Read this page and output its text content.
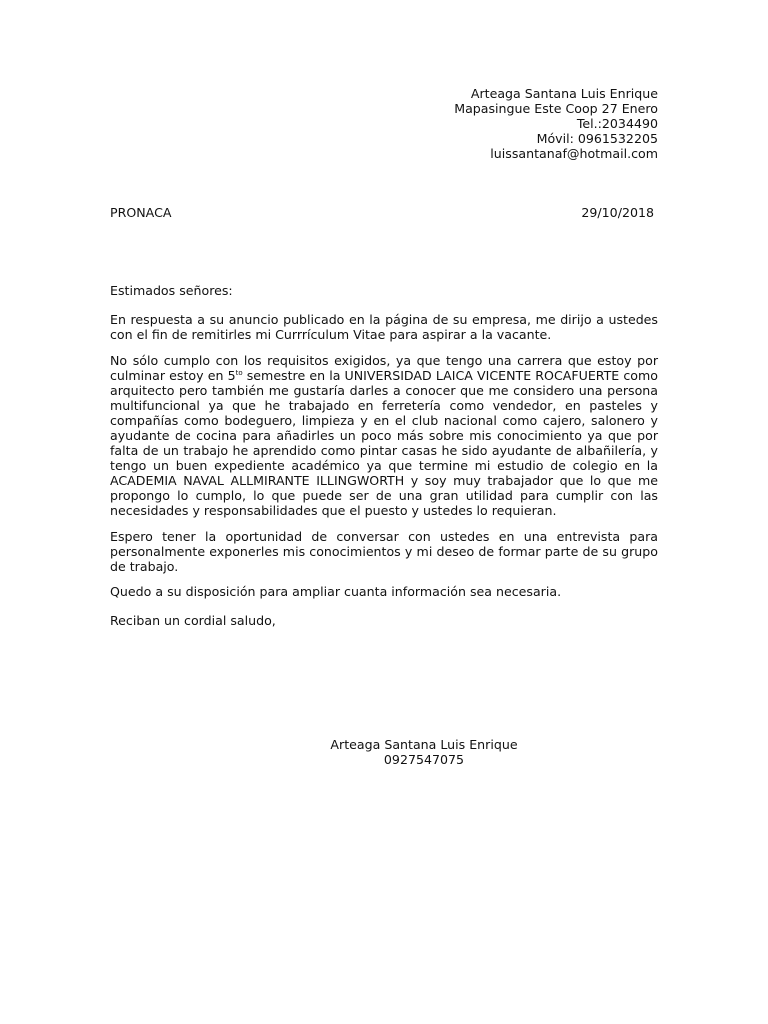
Arteaga Santana Luis Enrique
Mapasingue Este Coop 27 Enero
Tel.:2034490
Móvil: 0961532205
luissantanaf@hotmail.com
PRONACA	29/10/2018

Estimados señores:

En respuesta a su anuncio publicado en la página de su empresa, me dirijo a ustedes con el fin de remitirles mi Currrículum Vitae para aspirar a la vacante.

No sólo cumplo con los requisitos exigidos, ya que tengo una carrera que estoy por culminar estoy en $5^{to}$ semestre en la UNIVERSIDAD LAICA VICENTE ROCAFUERTE como arquitecto pero también me gustaría darles a conocer que me considero una persona multifuncional ya que he trabajado en ferretería como vendedor, en pasteles y compañías como bodeguero, limpieza y en el club nacional como cajero, salonero y ayudante de cocina para añadirles un poco más sobre mis conocimiento ya que por falta de un trabajo he aprendido como pintar casas he sido ayudante de albañilería, y tengo un buen expediente académico ya que termine mi estudio de colegio en la ACADEMIA NAVAL ALLMIRANTE ILLINGWORTH y soy muy trabajador que lo que me propongo lo cumplo, lo que puede ser de una gran utilidad para cumplir con las necesidades y responsabilidades que el puesto y ustedes lo requieran.

Espero tener la oportunidad de conversar con ustedes en una entrevista para personalmente exponerles mis conocimientos y mi deseo de formar parte de su grupo de trabajo.

Quedo a su disposición para ampliar cuanta información sea necesaria.

Reciban un cordial saludo,

Arteaga Santana Luis Enrique
0927547075
